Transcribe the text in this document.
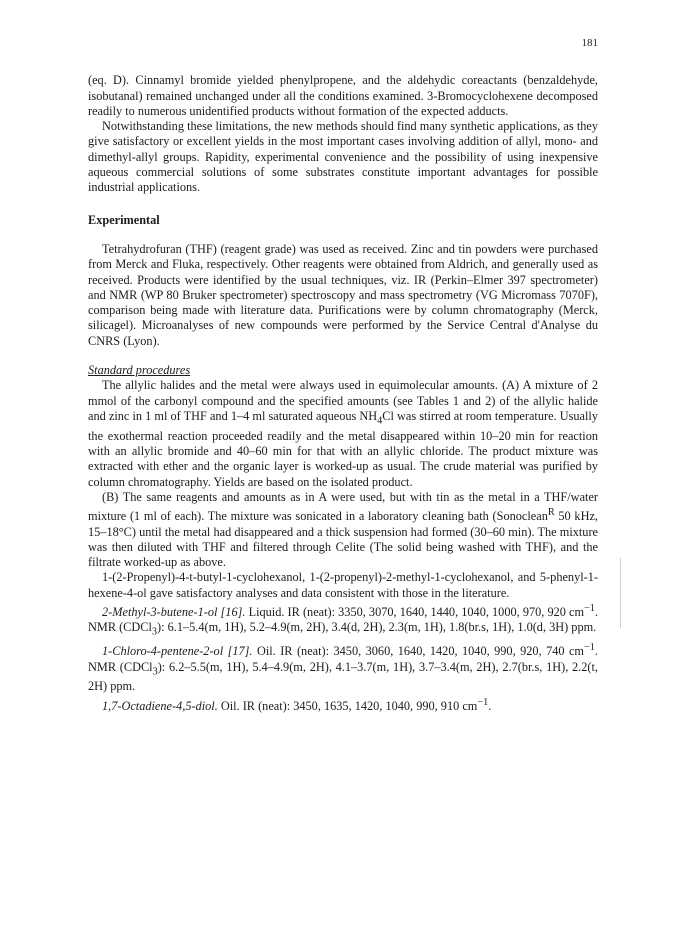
181

(eq. D). Cinnamyl bromide yielded phenylpropene, and the aldehydic coreactants (benzaldehyde, isobutanal) remained unchanged under all the conditions examined. 3-Bromocyclohexene decomposed readily to numerous unidentified products without formation of the expected adducts.

Notwithstanding these limitations, the new methods should find many synthetic applications, as they give satisfactory or excellent yields in the most important cases involving addition of allyl, mono- and dimethyl-allyl groups. Rapidity, experimental convenience and the possibility of using inexpensive aqueous commercial solutions of some substrates constitute important advantages for possible industrial applications.

Experimental

Tetrahydrofuran (THF) (reagent grade) was used as received. Zinc and tin powders were purchased from Merck and Fluka, respectively. Other reagents were obtained from Aldrich, and generally used as received. Products were identified by the usual techniques, viz. IR (Perkin–Elmer 397 spectrometer) and NMR (WP 80 Bruker spectrometer) spectroscopy and mass spectrometry (VG Micromass 7070F), comparison being made with literature data. Purifications were by column chromatography (Merck, silicagel). Microanalyses of new compounds were performed by the Service Central d'Analyse du CNRS (Lyon).

Standard procedures

The allylic halides and the metal were always used in equimolecular amounts. (A) A mixture of 2 mmol of the carbonyl compound and the specified amounts (see Tables 1 and 2) of the allylic halide and zinc in 1 ml of THF and 1–4 ml saturated aqueous $NH_4Cl$ was stirred at room temperature. Usually the exothermal reaction proceeded readily and the metal disappeared within 10–20 min for reaction with an allylic bromide and 40–60 min for that with an allylic chloride. The product mixture was extracted with ether and the organic layer is worked-up as usual. The crude material was purified by column chromatography. Yields are based on the isolated product.

(B) The same reagents and amounts as in A were used, but with tin as the metal in a THF/water mixture (1 ml of each). The mixture was sonicated in a laboratory cleaning bath (Sonoclean$^R$ 50 kHz, 15–18°C) until the metal had disappeared and a thick suspension had formed (30–60 min). The mixture was then diluted with THF and filtered through Celite (The solid being washed with THF), and the filtrate worked-up as above.

1-(2-Propenyl)-4-t-butyl-1-cyclohexanol, 1-(2-propenyl)-2-methyl-1-cyclohexanol, and 5-phenyl-1-hexene-4-ol gave satisfactory analyses and data consistent with those in the literature.

2-Methyl-3-butene-1-ol [16]. Liquid. IR (neat): 3350, 3070, 1640, 1440, 1040, 1000, 970, 920 $cm^{-1}$. NMR (CDCl$_3$): 6.1–5.4(m, 1H), 5.2–4.9(m, 2H), 3.4(d, 2H), 2.3(m, 1H), 1.8(br.s, 1H), 1.0(d, 3H) ppm.

1-Chloro-4-pentene-2-ol [17]. Oil. IR (neat): 3450, 3060, 1640, 1420, 1040, 990, 920, 740 $cm^{-1}$. NMR (CDCl$_3$): 6.2–5.5(m, 1H), 5.4–4.9(m, 2H), 4.1–3.7(m, 1H), 3.7–3.4(m, 2H), 2.7(br.s, 1H), 2.2(t, 2H) ppm.

1,7-Octadiene-4,5-diol. Oil. IR (neat): 3450, 1635, 1420, 1040, 990, 910 $cm^{-1}$.
